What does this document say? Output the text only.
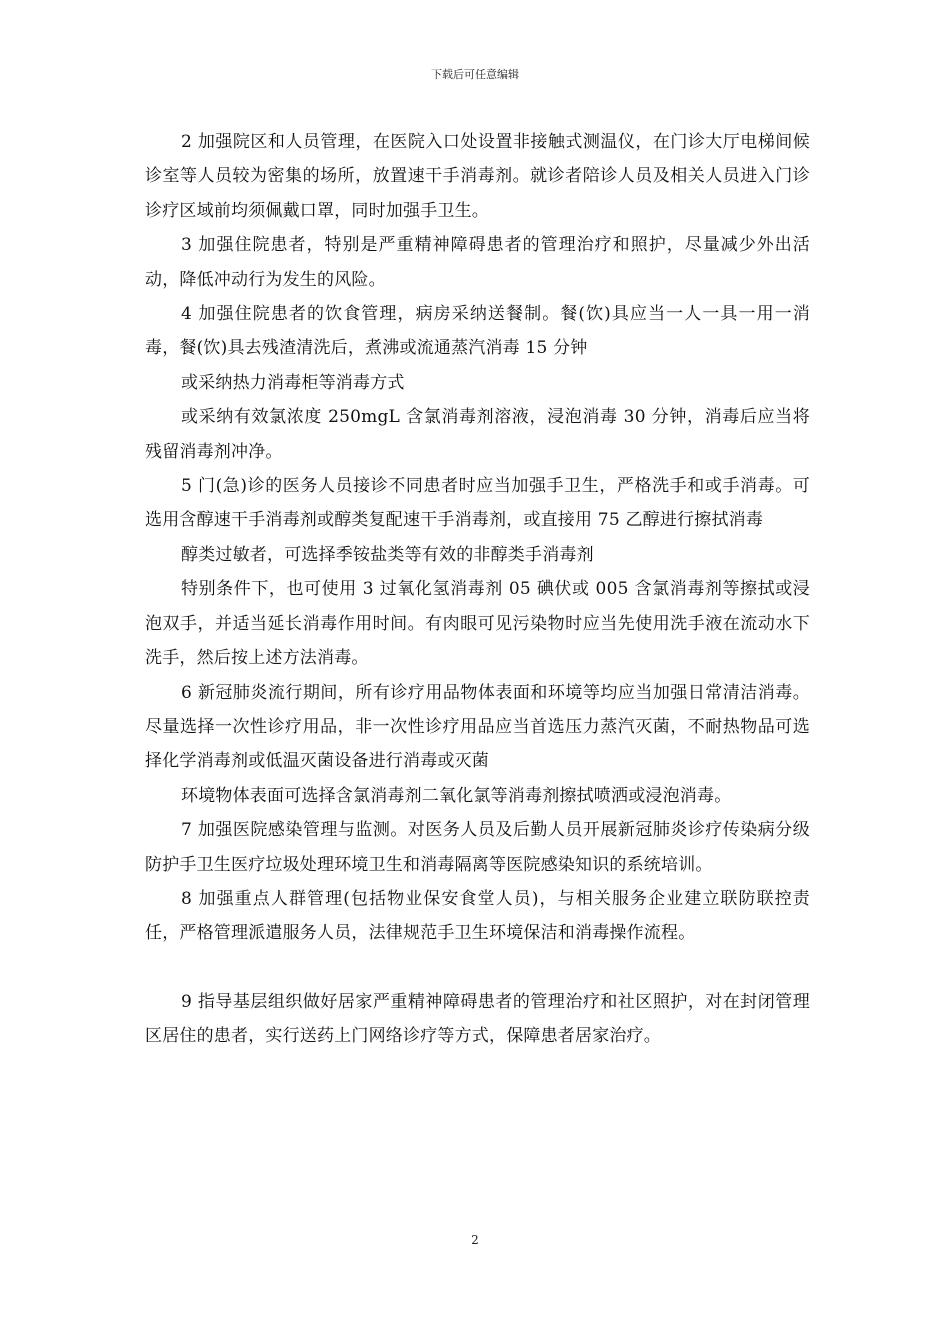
下载后可任意编辑

2 加强院区和人员管理，在医院入口处设置非接触式测温仪，在门诊大厅电梯间候诊室等人员较为密集的场所，放置速干手消毒剂。就诊者陪诊人员及相关人员进入门诊诊疗区域前均须佩戴口罩，同时加强手卫生。

3 加强住院患者，特别是严重精神障碍患者的管理治疗和照护，尽量减少外出活动，降低冲动行为发生的风险。

4 加强住院患者的饮食管理，病房采纳送餐制。餐(饮)具应当一人一具一用一消毒，餐(饮)具去残渣清洗后，煮沸或流通蒸汽消毒 15 分钟

或采纳热力消毒柜等消毒方式

或采纳有效氯浓度 250mgL 含氯消毒剂溶液，浸泡消毒 30 分钟，消毒后应当将残留消毒剂冲净。

5 门(急)诊的医务人员接诊不同患者时应当加强手卫生，严格洗手和或手消毒。可选用含醇速干手消毒剂或醇类复配速干手消毒剂，或直接用 75 乙醇进行擦拭消毒

醇类过敏者，可选择季铵盐类等有效的非醇类手消毒剂

特别条件下，也可使用 3 过氧化氢消毒剂 05 碘伏或 005 含氯消毒剂等擦拭或浸泡双手，并适当延长消毒作用时间。有肉眼可见污染物时应当先使用洗手液在流动水下洗手，然后按上述方法消毒。

6 新冠肺炎流行期间，所有诊疗用品物体表面和环境等均应当加强日常清洁消毒。尽量选择一次性诊疗用品，非一次性诊疗用品应当首选压力蒸汽灭菌，不耐热物品可选择化学消毒剂或低温灭菌设备进行消毒或灭菌

环境物体表面可选择含氯消毒剂二氧化氯等消毒剂擦拭喷洒或浸泡消毒。

7 加强医院感染管理与监测。对医务人员及后勤人员开展新冠肺炎诊疗传染病分级防护手卫生医疗垃圾处理环境卫生和消毒隔离等医院感染知识的系统培训。

8 加强重点人群管理(包括物业保安食堂人员)，与相关服务企业建立联防联控责任，严格管理派遣服务人员，法律规范手卫生环境保洁和消毒操作流程。

9 指导基层组织做好居家严重精神障碍患者的管理治疗和社区照护，对在封闭管理区居住的患者，实行送药上门网络诊疗等方式，保障患者居家治疗。

2
